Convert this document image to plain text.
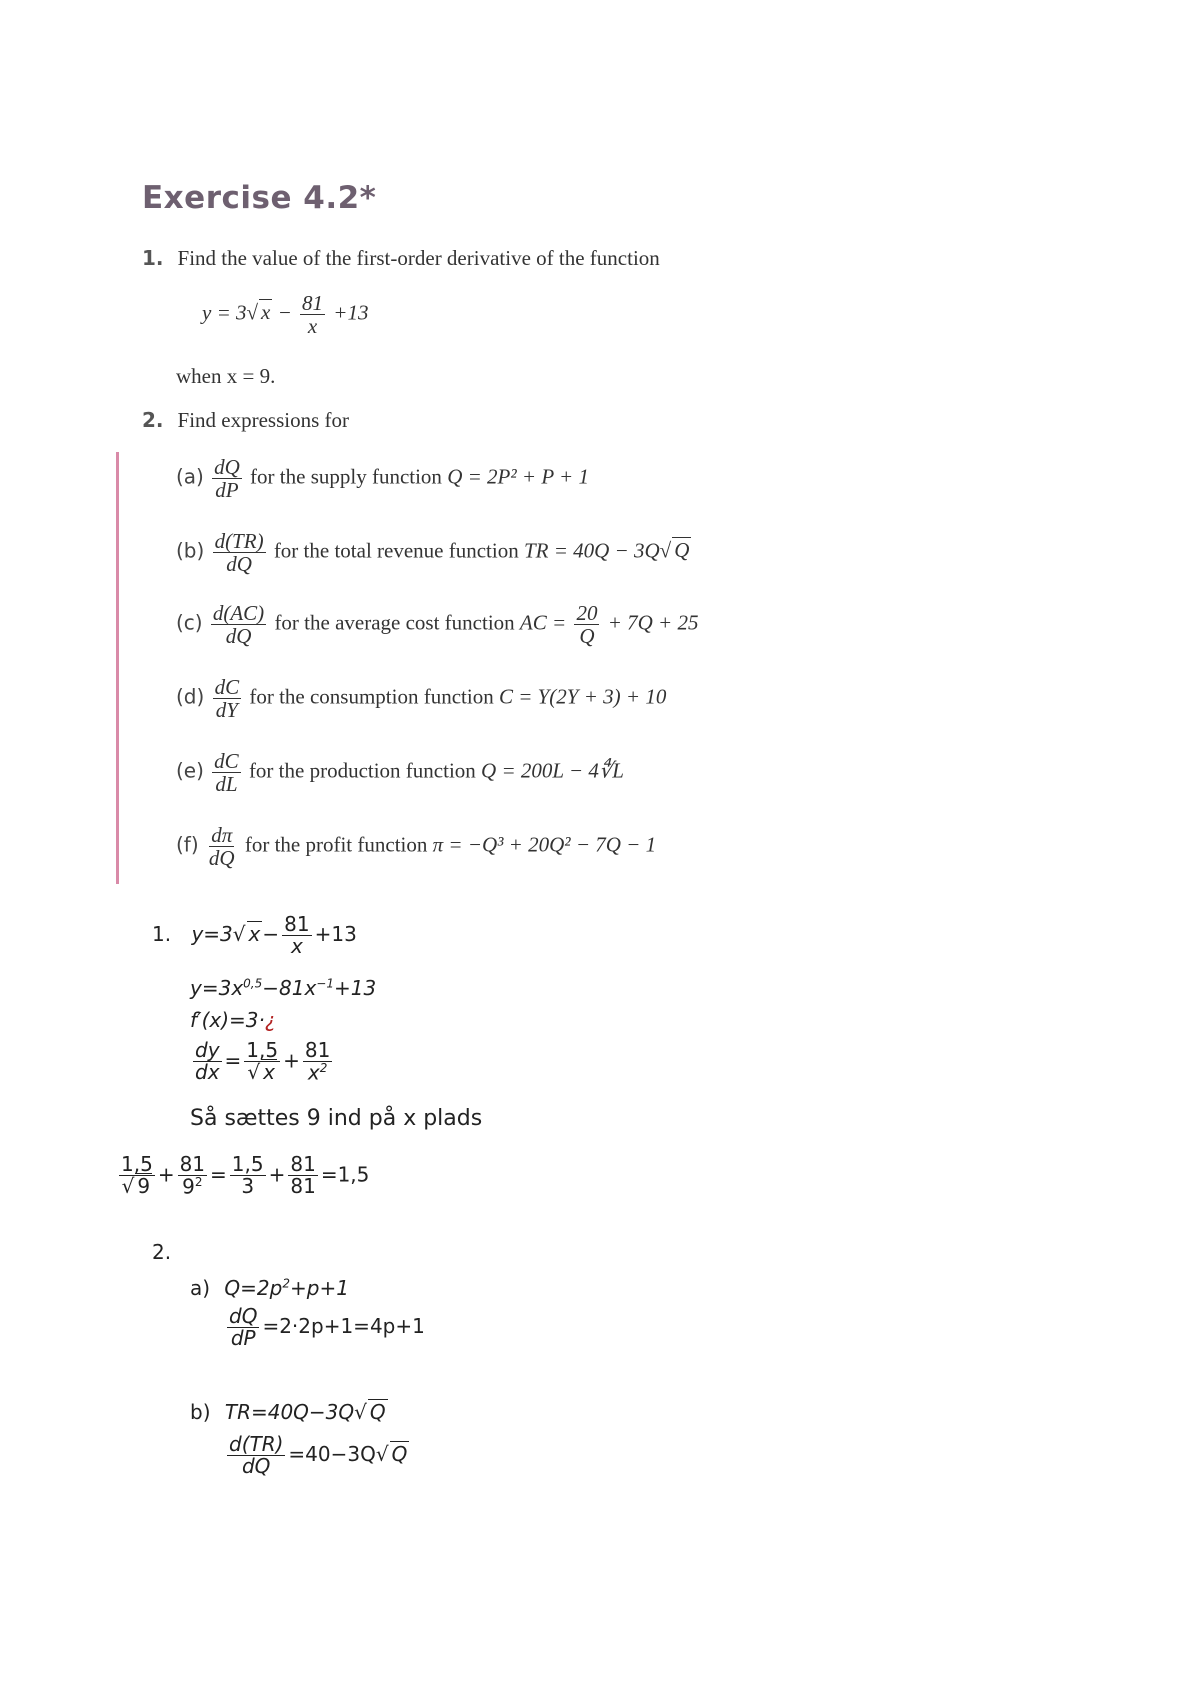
Exercise 4.2*
1. Find the value of the first-order derivative of the function
y = 3√ $x - \frac{81}{x} +13$
when x = 9.
2. Find expressions for
$(a) \frac{dQ}{dP}$ for the supply function Q = 2P² + P + 1
$(b) \frac{d(TR)}{dQ}$ for the total revenue function TR = 40Q − 3Q√ Q
$(c) \frac{d(AC)}{dQ}$ for the average cost function AC = $\frac{20}{Q} + 7Q + 25$
$(d) \frac{dC}{dY}$ for the consumption function C = Y(2Y + 3) + 10
$(e) \frac{dC}{dL}$ for the production function Q = 200L − 4∜L
$(f) \frac{d\pi}{dQ}$ for the profit function π = −Q³ + 20Q² − 7Q − 1
1. y=3√ $x - \frac{81}{x} +13$
$y=3x^{0,5}-81x^{-1}+13$
f′(x)=3·¿
$\frac{dy}{dx} = \frac{1,5}{√ x} + \frac{81}{x^2}$
Så sættes 9 ind på x plads
$\frac{1,5}{√ 9} + \frac{81}{9^2} = \frac{1,5}{3} + \frac{81}{81} =1,5$
2.
a) $Q=2p^2+p+1$
$\frac{dQ}{dP} =2\cdot 2p+1=4p+1$
b) TR=40Q−3Q√ Q
$\frac{d(TR)}{dQ} =40-3Q√$ Q
